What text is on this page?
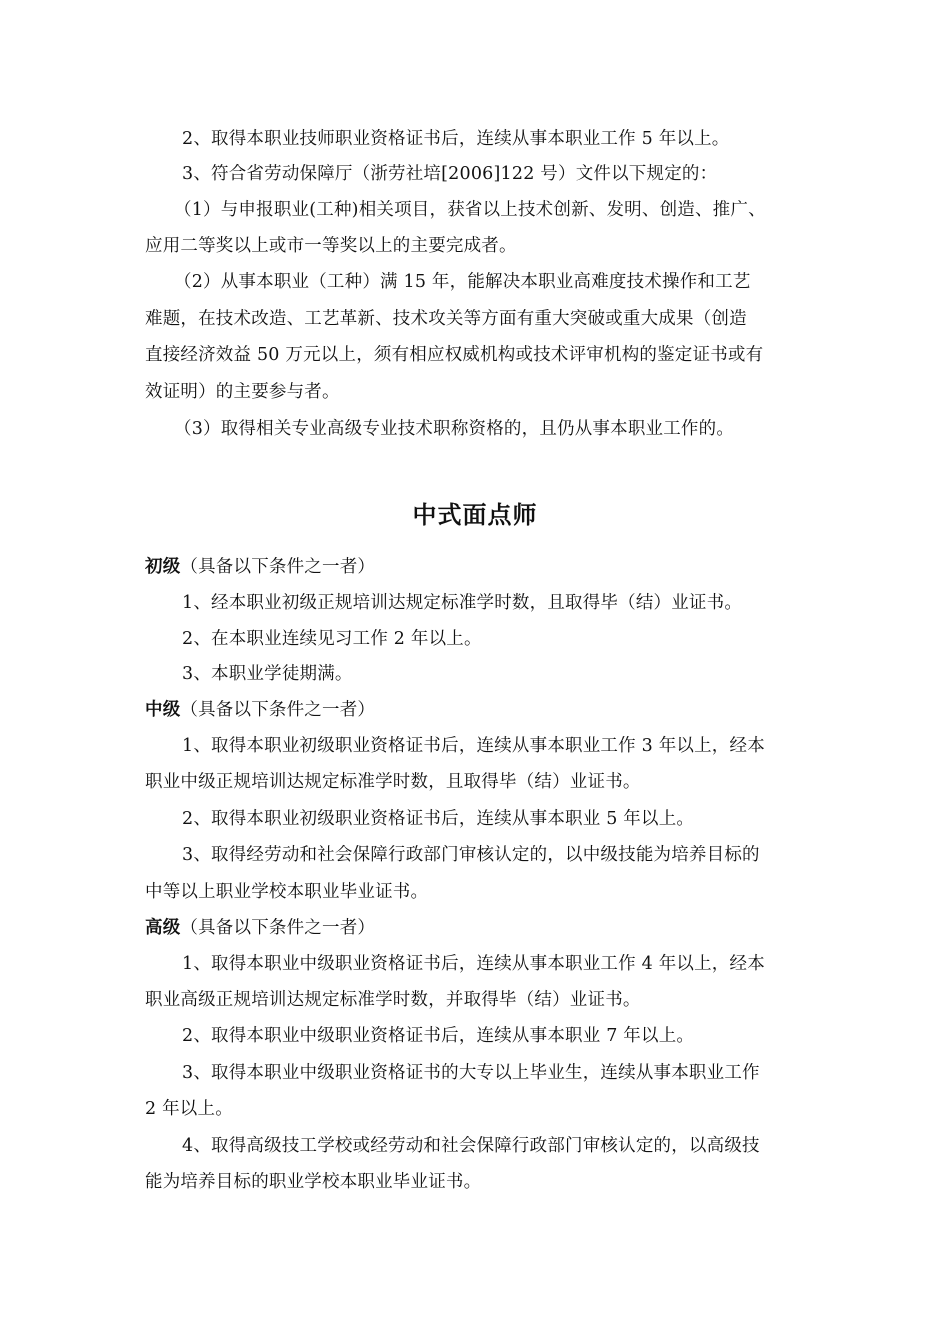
2、取得本职业技师职业资格证书后，连续从事本职业工作 5 年以上。
3、符合省劳动保障厅（浙劳社培[2006]122 号）文件以下规定的：
（1）与申报职业(工种)相关项目，获省以上技术创新、发明、创造、推广、
应用二等奖以上或市一等奖以上的主要完成者。
（2）从事本职业（工种）满 15 年，能解决本职业高难度技术操作和工艺
难题，在技术改造、工艺革新、技术攻关等方面有重大突破或重大成果（创造
直接经济效益 50 万元以上，须有相应权威机构或技术评审机构的鉴定证书或有
效证明）的主要参与者。
（3）取得相关专业高级专业技术职称资格的，且仍从事本职业工作的。
中式面点师
初级（具备以下条件之一者）
1、经本职业初级正规培训达规定标准学时数，且取得毕（结）业证书。
2、在本职业连续见习工作 2 年以上。
3、本职业学徒期满。
中级（具备以下条件之一者）
1、取得本职业初级职业资格证书后，连续从事本职业工作 3 年以上，经本
职业中级正规培训达规定标准学时数，且取得毕（结）业证书。
2、取得本职业初级职业资格证书后，连续从事本职业 5 年以上。
3、取得经劳动和社会保障行政部门审核认定的，以中级技能为培养目标的
中等以上职业学校本职业毕业证书。
高级（具备以下条件之一者）
1、取得本职业中级职业资格证书后，连续从事本职业工作 4 年以上，经本
职业高级正规培训达规定标准学时数，并取得毕（结）业证书。
2、取得本职业中级职业资格证书后，连续从事本职业 7 年以上。
3、取得本职业中级职业资格证书的大专以上毕业生，连续从事本职业工作
2 年以上。
4、取得高级技工学校或经劳动和社会保障行政部门审核认定的，以高级技
能为培养目标的职业学校本职业毕业证书。
